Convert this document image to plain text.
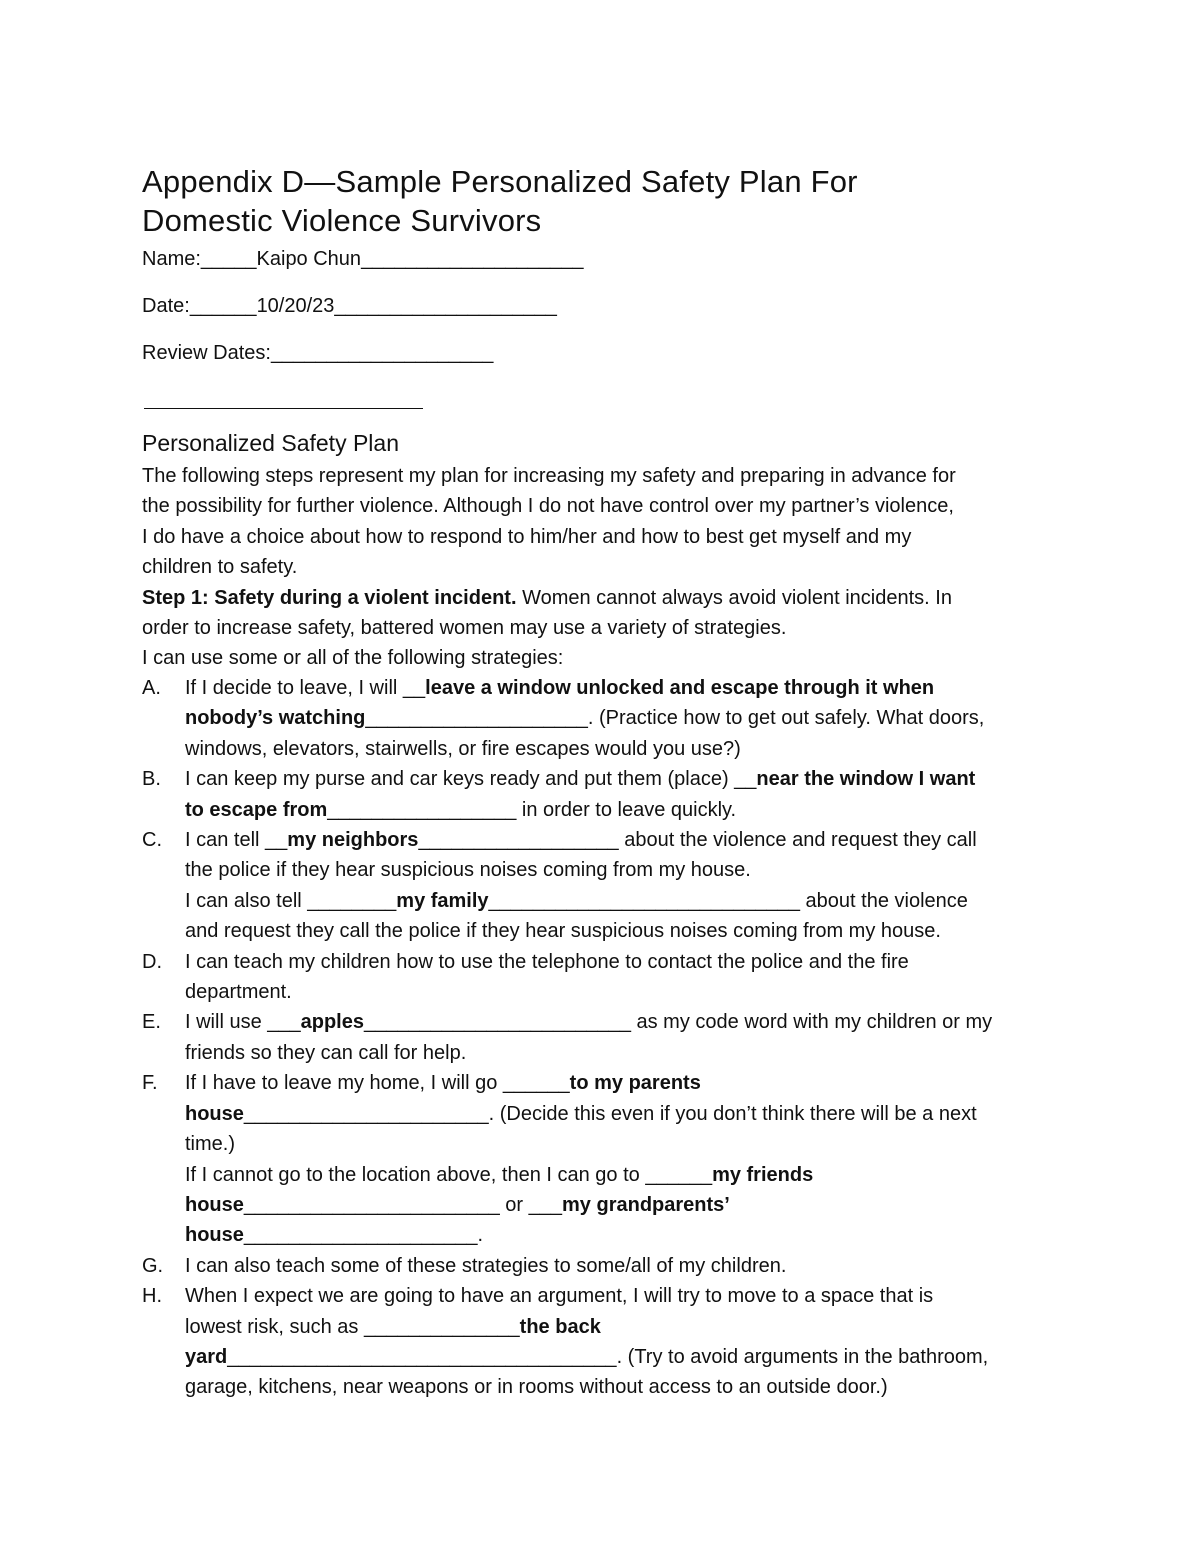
Appendix D—Sample Personalized Safety Plan For
Domestic Violence Survivors
Name:_____Kaipo Chun____________________
Date:______10/20/23____________________
Review Dates:____________________
Personalized Safety Plan

The following steps represent my plan for increasing my safety and preparing in advance for

the possibility for further violence. Although I do not have control over my partner’s violence,

I do have a choice about how to respond to him/her and how to best get myself and my

children to safety.

Step 1: Safety during a violent incident. Women cannot always avoid violent incidents. In

order to increase safety, battered women may use a variety of strategies.

I can use some or all of the following strategies:

A.	If I decide to leave, I will __leave a window unlocked and escape through it when
nobody’s watching____________________. (Practice how to get out safely. What doors,
windows, elevators, stairwells, or fire escapes would you use?)
B.	I can keep my purse and car keys ready and put them (place) __near the window I want
to escape from_________________ in order to leave quickly.
C.	I can tell __my neighbors__________________ about the violence and request they call
the police if they hear suspicious noises coming from my house.
I can also tell ________my family____________________________ about the violence
and request they call the police if they hear suspicious noises coming from my house.
D.	I can teach my children how to use the telephone to contact the police and the fire
department.
E.	I will use ___apples________________________ as my code word with my children or my
friends so they can call for help.
F.	If I have to leave my home, I will go ______to my parents
house______________________. (Decide this even if you don’t think there will be a next
time.)
If I cannot go to the location above, then I can go to ______my friends
house_______________________ or ___my grandparents’
house_____________________.
G.	I can also teach some of these strategies to some/all of my children.
H.	When I expect we are going to have an argument, I will try to move to a space that is
lowest risk, such as ______________the back
yard___________________________________. (Try to avoid arguments in the bathroom,
garage, kitchens, near weapons or in rooms without access to an outside door.)
